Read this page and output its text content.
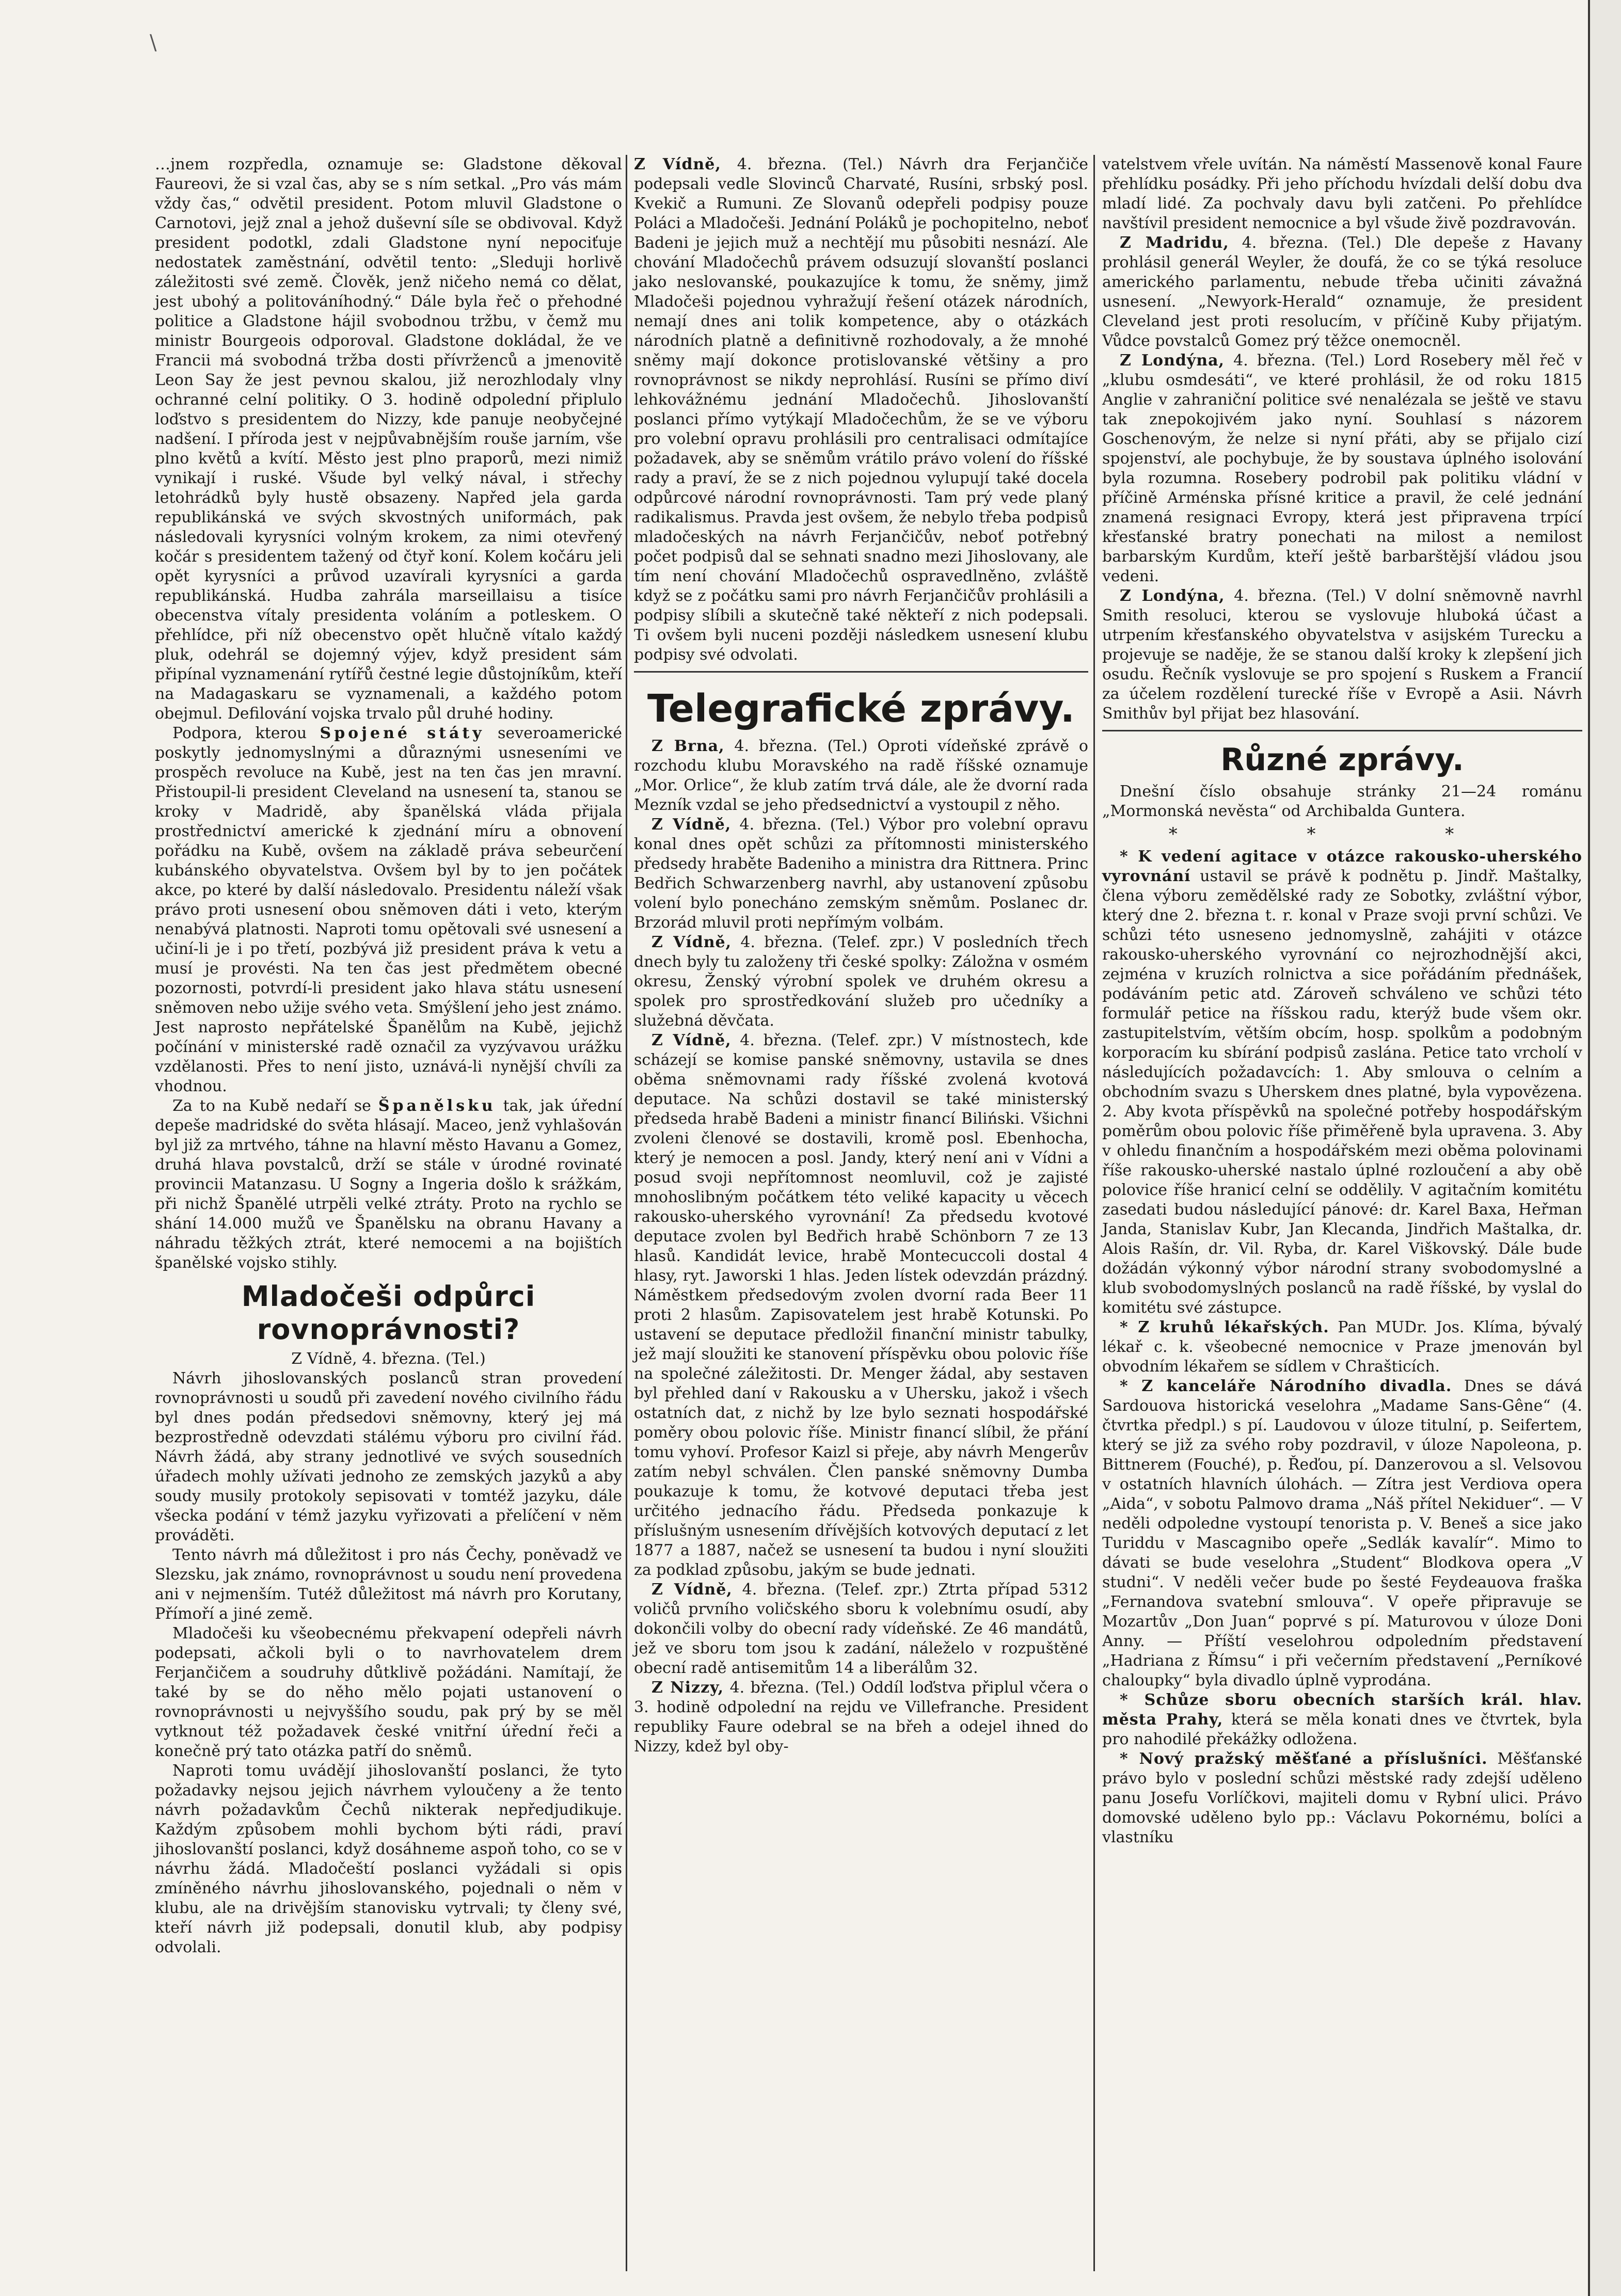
\

…jnem rozpředla, oznamuje se: Gladstone děkoval Faureovi, že si vzal čas, aby se s ním setkal. „Pro vás mám vždy čas,“ odvětil president. Potom mluvil Gladstone o Carnotovi, jejž znal a jehož duševní síle se obdivoval. Když president podotkl, zdali Gladstone nyní nepociťuje nedostatek zaměstnání, odvětil tento: „Sleduji horlivě záležitosti své země. Člověk, jenž ničeho nemá co dělat, jest ubohý a politováníhodný.“ Dále byla řeč o přehodné politice a Gladstone hájil svobodnou tržbu, v čemž mu ministr Bourgeois odporoval. Gladstone dokládal, že ve Francii má svobodná tržba dosti přívrženců a jmenovitě Leon Say že jest pevnou skalou, již nerozhlodaly vlny ochranné celní politiky. O 3. hodině odpolední připlulo loďstvo s presidentem do Nizzy, kde panuje neobyčejné nadšení. I příroda jest v nejpůvabnějším rouše jarním, vše plno květů a kvítí. Město jest plno praporů, mezi nimiž vynikají i ruské. Všude byl velký nával, i střechy letohrádků byly hustě obsazeny. Napřed jela garda republikánská ve svých skvostných uniformách, pak následovali kyrysníci volným krokem, za nimi otevřený kočár s presidentem tažený od čtyř koní. Kolem kočáru jeli opět kyrysníci a průvod uzavírali kyrysníci a garda republikánská. Hudba zahrála marseillaisu a tisíce obecenstva vítaly presidenta voláním a potleskem. O přehlídce, při níž obecenstvo opět hlučně vítalo každý pluk, odehrál se dojemný výjev, když president sám připínal vyznamenání rytířů čestné legie důstojníkům, kteří na Madagaskaru se vyznamenali, a každého potom obejmul. Defilování vojska trvalo půl druhé hodiny.

Podpora, kterou Spojené státy severoamerické poskytly jednomyslnými a důraznými usneseními ve prospěch revoluce na Kubě, jest na ten čas jen mravní. Přistoupil-li president Cleveland na usnesení ta, stanou se kroky v Madridě, aby španělská vláda přijala prostřednictví americké k zjednání míru a obnovení pořádku na Kubě, ovšem na základě práva sebeurčení kubánského obyvatelstva. Ovšem byl by to jen počátek akce, po které by další následovalo. Presidentu náleží však právo proti usnesení obou sněmoven dáti i veto, kterým nenabývá platnosti. Naproti tomu opětovali své usnesení a učiní-li je i po třetí, pozbývá již president práva k vetu a musí je provésti. Na ten čas jest předmětem obecné pozornosti, potvrdí-li president jako hlava státu usnesení sněmoven nebo užije svého veta. Smýšlení jeho jest známo. Jest naprosto nepřátelské Španělům na Kubě, jejichž počínání v ministerské radě označil za vyzývavou urážku vzdělanosti. Přes to není jisto, uznává-li nynější chvíli za vhodnou.

Za to na Kubě nedaří se Španělsku tak, jak úřední depeše madridské do světa hlásají. Maceo, jenž vyhlašován byl již za mrtvého, táhne na hlavní město Havanu a Gomez, druhá hlava povstalců, drží se stále v úrodné rovinaté provincii Matanzasu. U Sogny a Ingeria došlo k srážkám, při nichž Španělé utrpěli velké ztráty. Proto na rychlo se shání 14.000 mužů ve Španělsku na obranu Havany a náhradu těžkých ztrát, které nemocemi a na bojištích španělské vojsko stihly.

Mladočeši odpůrci rovnoprávnosti?

Z Vídně, 4. března. (Tel.)

Návrh jihoslovanských poslanců stran provedení rovnoprávnosti u soudů při zavedení nového civilního řádu byl dnes podán předsedovi sněmovny, který jej má bezprostředně odevzdati stálému výboru pro civilní řád. Návrh žádá, aby strany jednotlivé ve svých sousedních úřadech mohly užívati jednoho ze zemských jazyků a aby soudy musily protokoly sepisovati v tomtéž jazyku, dále všecka podání v témž jazyku vyřizovati a přelíčení v něm prováděti.

Tento návrh má důležitost i pro nás Čechy, poněvadž ve Slezsku, jak známo, rovnoprávnost u soudu není provedena ani v nejmenším. Tutéž důležitost má návrh pro Korutany, Přímoří a jiné země.

Mladočeši ku všeobecnému překvapení odepřeli návrh podepsati, ačkoli byli o to navrhovatelem drem Ferjančičem a soudruhy důtklivě požádáni. Namítají, že také by se do něho mělo pojati ustanovení o rovnoprávnosti u nejvyššího soudu, pak prý by se měl vytknout též požadavek české vnitřní úřední řeči a konečně prý tato otázka patří do sněmů.

Naproti tomu uvádějí jihoslovanští poslanci, že tyto požadavky nejsou jejich návrhem vyloučeny a že tento návrh požadavkům Čechů nikterak nepředjudikuje. Každým způsobem mohli bychom býti rádi, praví jihoslovanští poslanci, když dosáhneme aspoň toho, co se v návrhu žádá. Mladočeští poslanci vyžádali si opis zmíněného návrhu jihoslovanského, pojednali o něm v klubu, ale na drivějším stanovisku vytrvali; ty členy své, kteří návrh již podepsali, donutil klub, aby podpisy odvolali.

Z Vídně, 4. března. (Tel.) Návrh dra Ferjančiče podepsali vedle Slovinců Charvaté, Rusíni, srbský posl. Kvekič a Rumuni. Ze Slovanů odepřeli podpisy pouze Poláci a Mladočeši. Jednání Poláků je pochopitelno, neboť Badeni je jejich muž a nechtějí mu působiti nesnází. Ale chování Mladočechů právem odsuzují slovanští poslanci jako neslovanské, poukazujíce k tomu, že sněmy, jimž Mladočeši pojednou vyhražují řešení otázek národních, nemají dnes ani tolik kompetence, aby o otázkách národních platně a definitivně rozhodovaly, a že mnohé sněmy mají dokonce protislovanské většiny a pro rovnoprávnost se nikdy neprohlásí. Rusíni se přímo diví lehkovážnému jednání Mladočechů. Jihoslovanští poslanci přímo vytýkají Mladočechům, že se ve výboru pro volební opravu prohlásili pro centralisaci odmítajíce požadavek, aby se sněmům vrátilo právo volení do říšské rady a praví, že se z nich pojednou vylupují také docela odpůrcové národní rovnoprávnosti. Tam prý vede planý radikalismus. Pravda jest ovšem, že nebylo třeba podpisů mladočeských na návrh Ferjančičův, neboť potřebný počet podpisů dal se sehnati snadno mezi Jihoslovany, ale tím není chování Mladočechů ospravedlněno, zvláště když se z počátku sami pro návrh Ferjančičův prohlásili a podpisy slíbili a skutečně také někteří z nich podepsali. Ti ovšem byli nuceni později následkem usnesení klubu podpisy své odvolati.

Telegrafické zprávy.

Z Brna, 4. března. (Tel.) Oproti vídeňské zprávě o rozchodu klubu Moravského na radě říšské oznamuje „Mor. Orlice“, že klub zatím trvá dále, ale že dvorní rada Mezník vzdal se jeho předsednictví a vystoupil z něho.

Z Vídně, 4. března. (Tel.) Výbor pro volební opravu konal dnes opět schůzi za přítomnosti ministerského předsedy hraběte Badeniho a ministra dra Rittnera. Princ Bedřich Schwarzenberg navrhl, aby ustanovení způsobu volení bylo ponecháno zemským sněmům. Poslanec dr. Brzorád mluvil proti nepřímým volbám.

Z Vídně, 4. března. (Telef. zpr.) V posledních třech dnech byly tu založeny tři české spolky: Záložna v osmém okresu, Ženský výrobní spolek ve druhém okresu a spolek pro sprostředkování služeb pro učedníky a služebná děvčata.

Z Vídně, 4. března. (Telef. zpr.) V místnostech, kde scházejí se komise panské sněmovny, ustavila se dnes oběma sněmovnami rady říšské zvolená kvotová deputace. Na schůzi dostavil se také ministerský předseda hrabě Badeni a ministr financí Biliński. Všichni zvoleni členové se dostavili, kromě posl. Ebenhocha, který je nemocen a posl. Jandy, který není ani v Vídni a posud svoji nepřítomnost neomluvil, což je zajisté mnohoslibným počátkem této veliké kapacity u věcech rakousko-uherského vyrovnání! Za předsedu kvotové deputace zvolen byl Bedřich hrabě Schönborn 7 ze 13 hlasů. Kandidát levice, hrabě Montecuccoli dostal 4 hlasy, ryt. Jaworski 1 hlas. Jeden lístek odevzdán prázdný. Náměstkem předsedovým zvolen dvorní rada Beer 11 proti 2 hlasům. Zapisovatelem jest hrabě Kotunski. Po ustavení se deputace předložil finanční ministr tabulky, jež mají sloužiti ke stanovení příspěvku obou polovic říše na společné záležitosti. Dr. Menger žádal, aby sestaven byl přehled daní v Rakousku a v Uhersku, jakož i všech ostatních dat, z nichž by lze bylo seznati hospodářské poměry obou polovic říše. Ministr financí slíbil, že přání tomu vyhoví. Profesor Kaizl si přeje, aby návrh Mengerův zatím nebyl schválen. Člen panské sněmovny Dumba poukazuje k tomu, že kotvové deputaci třeba jest určitého jednacího řádu. Předseda ponkazuje k příslušným usnesením dřívějších kotvových deputací z let 1877 a 1887, načež se usnesení ta budou i nyní sloužiti za podklad způsobu, jakým se bude jednati.

Z Vídně, 4. března. (Telef. zpr.) Ztrta případ 5312 voličů prvního voličského sboru k volebnímu osudí, aby dokončili volby do obecní rady vídeňské. Ze 46 mandátů, jež ve sboru tom jsou k zadání, náleželo v rozpuštěné obecní radě antisemitům 14 a liberálům 32.

Z Nizzy, 4. března. (Tel.) Oddíl loďstva připlul včera o 3. hodině odpolední na rejdu ve Villefranche. President republiky Faure odebral se na břeh a odejel ihned do Nizzy, kdež byl oby-

vatelstvem vřele uvítán. Na náměstí Massenově konal Faure přehlídku posádky. Při jeho příchodu hvízdali delší dobu dva mladí lidé. Za pochvaly davu byli zatčeni. Po přehlídce navštívil president nemocnice a byl všude živě pozdravován.

Z Madridu, 4. března. (Tel.) Dle depeše z Havany prohlásil generál Weyler, že doufá, že co se týká resoluce amerického parlamentu, nebude třeba učiniti závažná usnesení. „Newyork-Herald“ oznamuje, že president Cleveland jest proti resolucím, v příčině Kuby přijatým. Vůdce povstalců Gomez prý těžce onemocněl.

Z Londýna, 4. března. (Tel.) Lord Rosebery měl řeč v „klubu osmdesáti“, ve které prohlásil, že od roku 1815 Anglie v zahraniční politice své nenalézala se ještě ve stavu tak znepokojivém jako nyní. Souhlasí s názorem Goschenovým, že nelze si nyní přáti, aby se přijalo cizí spojenství, ale pochybuje, že by soustava úplného isolování byla rozumna. Rosebery podrobil pak politiku vládní v příčině Arménska přísné kritice a pravil, že celé jednání znamená resignaci Evropy, která jest připravena trpící křesťanské bratry ponechati na milost a nemilost barbarským Kurdům, kteří ještě barbarštější vládou jsou vedeni.

Z Londýna, 4. března. (Tel.) V dolní sněmovně navrhl Smith resoluci, kterou se vyslovuje hluboká účast a utrpením křesťanského obyvatelstva v asijském Turecku a projevuje se naděje, že se stanou další kroky k zlepšení jich osudu. Řečník vyslovuje se pro spojení s Ruskem a Francií za účelem rozdělení turecké říše v Evropě a Asii. Návrh Smithův byl přijat bez hlasování.

Různé zprávy.

Dnešní číslo obsahuje stránky 21—24 románu „Mormonská nevěsta“ od Archibalda Guntera.

* * *

* K vedení agitace v otázce rakousko-uherského vyrovnání ustavil se právě k podnětu p. Jindř. Maštalky, člena výboru zemědělské rady ze Sobotky, zvláštní výbor, který dne 2. března t. r. konal v Praze svoji první schůzi. Ve schůzi této usneseno jednomyslně, zahájiti v otázce rakousko-uherského vyrovnání co nejrozhodnější akci, zejména v kruzích rolnictva a sice pořádáním přednášek, podáváním petic atd. Zároveň schváleno ve schůzi této formulář petice na říšskou radu, kterýž bude všem okr. zastupitelstvím, větším obcím, hosp. spolkům a podobným korporacím ku sbírání podpisů zaslána. Petice tato vrcholí v následujících požadavcích: 1. Aby smlouva o celním a obchodním svazu s Uherskem dnes platné, byla vypovězena. 2. Aby kvota příspěvků na společné potřeby hospodářským poměrům obou polovic říše přiměřeně byla upravena. 3. Aby v ohledu finančním a hospodářském mezi oběma polovinami říše rakousko-uherské nastalo úplné rozloučení a aby obě polovice říše hranicí celní se oddělily. V agitačním komitétu zasedati budou následující pánové: dr. Karel Baxa, Heřman Janda, Stanislav Kubr, Jan Klecanda, Jindřich Maštalka, dr. Alois Rašín, dr. Vil. Ryba, dr. Karel Viškovský. Dále bude dožádán výkonný výbor národní strany svobodomyslné a klub svobodomyslných poslanců na radě říšské, by vyslal do komitétu své zástupce.

* Z kruhů lékařských. Pan MUDr. Jos. Klíma, bývalý lékař c. k. všeobecné nemocnice v Praze jmenován byl obvodním lékařem se sídlem v Chrašticích.

* Z kanceláře Národního divadla. Dnes se dává Sardouova historická veselohra „Madame Sans-Gêne“ (4. čtvrtka předpl.) s pí. Laudovou v úloze titulní, p. Seifertem, který se již za svého roby pozdravil, v úloze Napoleona, p. Bittnerem (Fouché), p. Řeďou, pí. Danzerovou a sl. Velsovou v ostatních hlavních úlohách. — Zítra jest Verdiova opera „Aida“, v sobotu Palmovo drama „Náš přítel Nekiduer“. — V neděli odpoledne vystoupí tenorista p. V. Beneš a sice jako Turiddu v Mascagnibo opeře „Sedlák kavalír“. Mimo to dávati se bude veselohra „Student“ Blodkova opera „V studni“. V neděli večer bude po šesté Feydeauova fraška „Fernandova svatební smlouva“. V opeře připravuje se Mozartův „Don Juan“ poprvé s pí. Maturovou v úloze Doni Anny. — Příští veselohrou odpoledním představení „Hadriana z Římsu“ i při večerním představení „Perníkové chaloupky“ byla divadlo úplně vyprodána.

* Schůze sboru obecních starších král. hlav. města Prahy, která se měla konati dnes ve čtvrtek, byla pro nahodilé překážky odložena.

* Nový pražský měšťané a příslušníci. Měšťanské právo bylo v poslední schůzi městské rady zdejší uděleno panu Josefu Vorlíčkovi, majiteli domu v Rybní ulici. Právo domovské uděleno bylo pp.: Václavu Pokornému, bolíci a vlastníku
